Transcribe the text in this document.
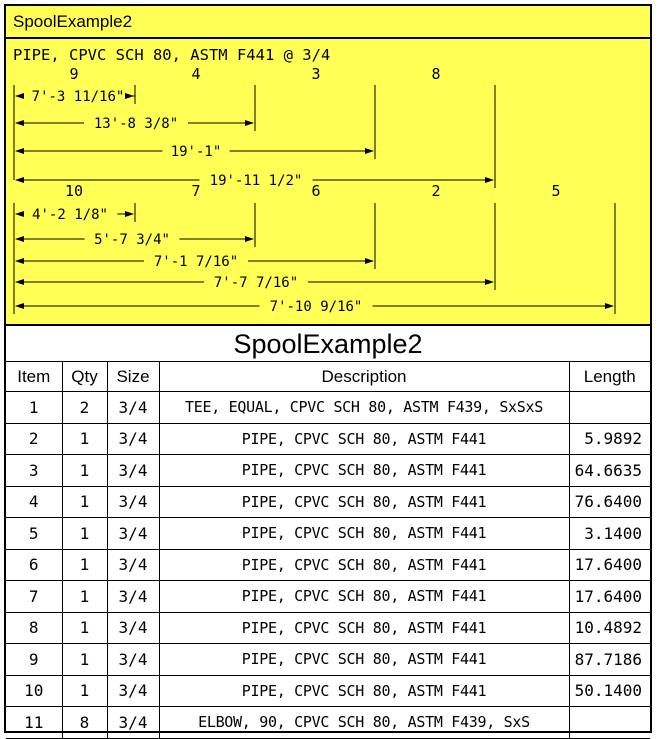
SpoolExample2
PIPE, CPVC SCH 80, ASTM F441 @ 3/4
9	4	3	8
7'-3 11/16"
13'-8 3/8"
19'-1"
19'-11 1/2"
10	7	6	2	5
4'-2 1/8"
5'-7 3/4"
7'-1 7/16"
7'-7 7/16"
7'-10 9/16"
SpoolExample2
Item	Qty	Size	Description	Length
1	2	3/4	TEE, EQUAL, CPVC SCH 80, ASTM F439, SxSxS	
2	1	3/4	PIPE, CPVC SCH 80, ASTM F441	5.9892
3	1	3/4	PIPE, CPVC SCH 80, ASTM F441	64.6635
4	1	3/4	PIPE, CPVC SCH 80, ASTM F441	76.6400
5	1	3/4	PIPE, CPVC SCH 80, ASTM F441	3.1400
6	1	3/4	PIPE, CPVC SCH 80, ASTM F441	17.6400
7	1	3/4	PIPE, CPVC SCH 80, ASTM F441	17.6400
8	1	3/4	PIPE, CPVC SCH 80, ASTM F441	10.4892
9	1	3/4	PIPE, CPVC SCH 80, ASTM F441	87.7186
10	1	3/4	PIPE, CPVC SCH 80, ASTM F441	50.1400
11	8	3/4	ELBOW, 90, CPVC SCH 80, ASTM F439, SxS	
